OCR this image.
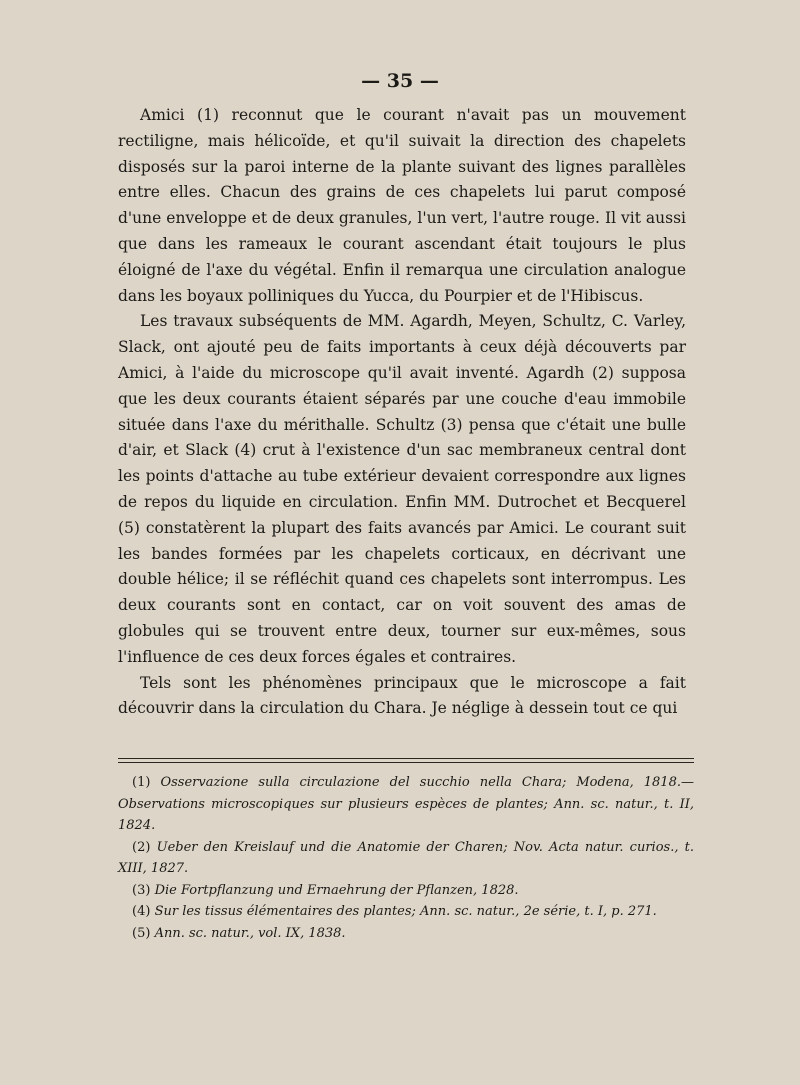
— 35 —

Amici (1) reconnut que le courant n'avait pas un mouvement rectiligne, mais hélicoïde, et qu'il suivait la direction des chapelets disposés sur la paroi interne de la plante suivant des lignes parallèles entre elles. Chacun des grains de ces chapelets lui parut composé d'une enveloppe et de deux granules, l'un vert, l'autre rouge. Il vit aussi que dans les rameaux le courant ascendant était toujours le plus éloigné de l'axe du végétal. Enfin il remarqua une circulation analogue dans les boyaux polliniques du Yucca, du Pourpier et de l'Hibiscus.

Les travaux subséquents de MM. Agardh, Meyen, Schultz, C. Varley, Slack, ont ajouté peu de faits importants à ceux déjà découverts par Amici, à l'aide du microscope qu'il avait inventé. Agardh (2) supposa que les deux courants étaient séparés par une couche d'eau immobile située dans l'axe du mérithalle. Schultz (3) pensa que c'était une bulle d'air, et Slack (4) crut à l'existence d'un sac membraneux central dont les points d'attache au tube extérieur devaient correspondre aux lignes de repos du liquide en circulation. Enfin MM. Dutrochet et Becquerel (5) constatèrent la plupart des faits avancés par Amici. Le courant suit les bandes formées par les chapelets corticaux, en décrivant une double hélice; il se réfléchit quand ces chapelets sont interrompus. Les deux courants sont en contact, car on voit souvent des amas de globules qui se trouvent entre deux, tourner sur eux-mêmes, sous l'influence de ces deux forces égales et contraires.

Tels sont les phénomènes principaux que le microscope a fait découvrir dans la circulation du Chara. Je néglige à dessein tout ce qui

(1) Osservazione sulla circulazione del succhio nella Chara; Modena, 1818.— Observations microscopiques sur plusieurs espèces de plantes; Ann. sc. natur., t. II, 1824.

(2) Ueber den Kreislauf und die Anatomie der Charen; Nov. Acta natur. curios., t. XIII, 1827.

(3) Die Fortpflanzung und Ernaehrung der Pflanzen, 1828.

(4) Sur les tissus élémentaires des plantes; Ann. sc. natur., 2e série, t. I, p. 271.

(5) Ann. sc. natur., vol. IX, 1838.
